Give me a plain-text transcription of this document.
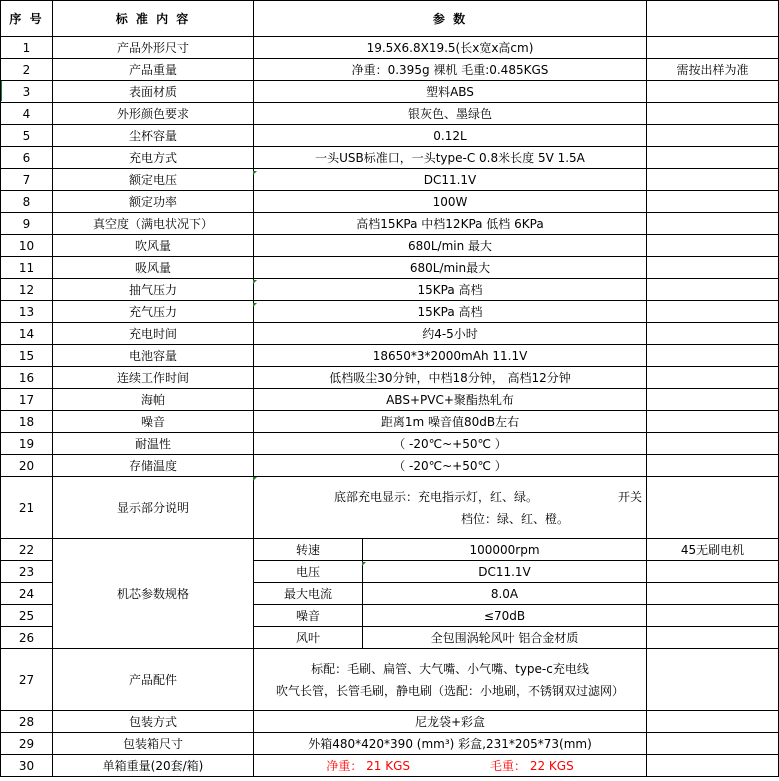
序 号	标 准 内 容	参 数		
1	产品外形尺寸	19.5X6.8X19.5(长x宽x高cm)		
2	产品重量	净重：0.395g 裸机 毛重:0.485KGS		需按出样为准
3	表面材质	塑料ABS		
4	外形颜色要求	银灰色、墨绿色		
5	尘杯容量	0.12L		
6	充电方式	一头USB标准口，一头type-C 0.8米长度 5V 1.5A		
7	额定电压	DC11.1V		
8	额定功率	100W		
9	真空度（满电状况下）	高档15KPa 中档12KPa 低档 6KPa		
10	吹风量	680L/min 最大		
11	吸风量	680L/min最大		
12	抽气压力	15KPa 高档		
13	充气压力	15KPa 高档		
14	充电时间	约4-5小时		
15	电池容量	18650*3*2000mAh 11.1V		
16	连续工作时间	低档吸尘30分钟，中档18分钟， 高档12分钟		
17	海帕	ABS+PVC+聚酯热轧布		
18	噪音	距离1m 噪音值80dB左右		
19	耐温性	（ -20℃~+50℃ ）		
20	存储温度	（ -20℃~+50℃ ）		
21	显示部分说明	开关
底部充电显示：充电指示灯，红、绿。
档位：绿、红、橙。		

22	机芯参数规格	转速	100000rpm	45无刷电机
23		电压	DC11.1V	
24		最大电流	8.0A	
25		噪音	≤70dB	
26		风叶	全包围涡轮风叶 铝合金材质	
27	产品配件	标配：毛刷、扁管、大气嘴、小气嘴、type-c充电线
吹气长管，长管毛刷，静电刷（选配：小地刷，不锈钢双过滤网）		

28	包装方式	尼龙袋+彩盒		
29	包装箱尺寸	外箱480*420*390 (mm³) 彩盒,231*205*73(mm)		
30	单箱重量(20套/箱)	净重： 21 KGS 毛重： 22 KGS		
